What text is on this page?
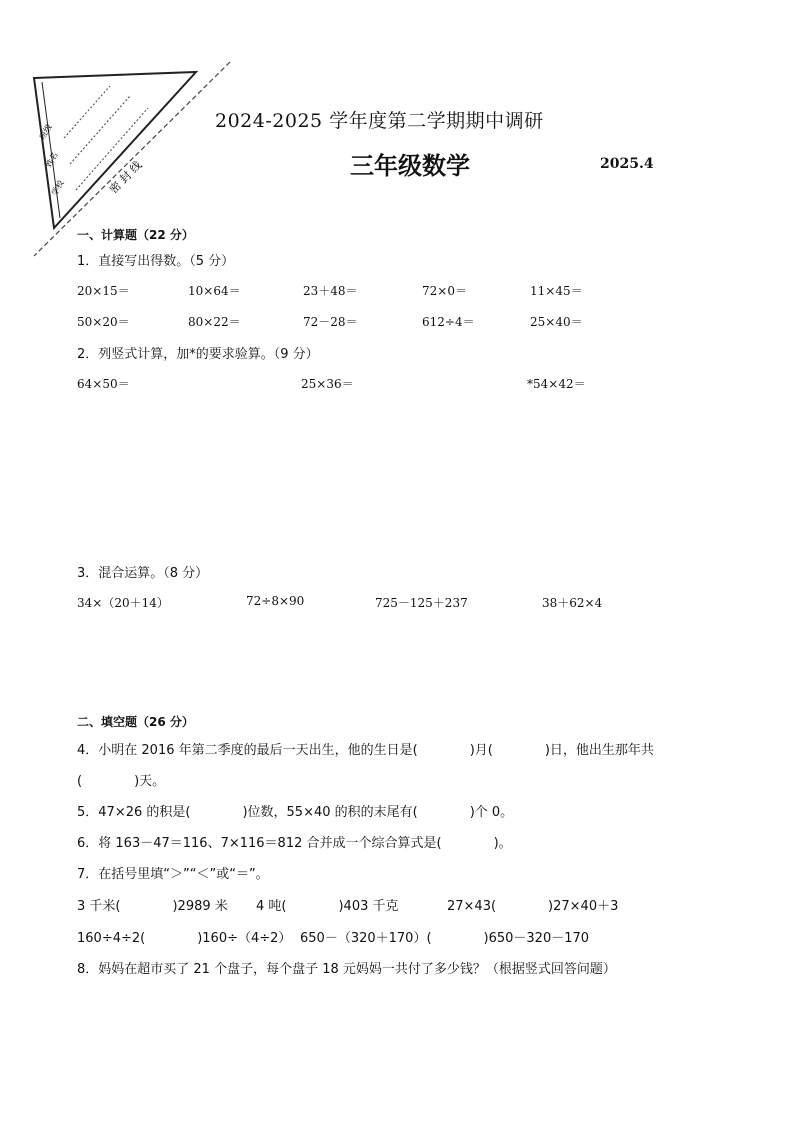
班级
姓名
学校	密 封 线
2024-2025 学年度第二学期期中调研
三年级数学	2025.4
一、计算题（22 分）
1．直接写出得数。（5 分）
20×15＝	10×64＝	23＋48＝	72×0＝	11×45＝
50×20＝	80×22＝	72－28＝	612÷4＝	25×40＝
2．列竖式计算，加*的要求验算。（9 分）
64×50＝	25×36＝	*54×42＝
3．混合运算。（8 分）
34×（20＋14）	72÷8×90	725－125＋237	38＋62×4
二、填空题（26 分）
4．小明在 2016 年第二季度的最后一天出生，他的生日是(　　　　)月(　　　　)日，他出生那年共
(　　　　)天。
5．47×26 的积是(　　　　)位数，55×40 的积的末尾有(　　　　)个 0。
6．将 163－47＝116、7×116＝812 合并成一个综合算式是(　　　　)。
7．在括号里填“＞”“＜”或“＝”。
3 千米(　　　　)2989 米 4 吨(　　　　)403 千克	27×43(　　　　)27×40＋3
160÷4÷2(　　　　)160÷（4÷2） 650－（320＋170）(　　　　)650－320－170
8．妈妈在超市买了 21 个盘子，每个盘子 18 元妈妈一共付了多少钱？（根据竖式回答问题）
